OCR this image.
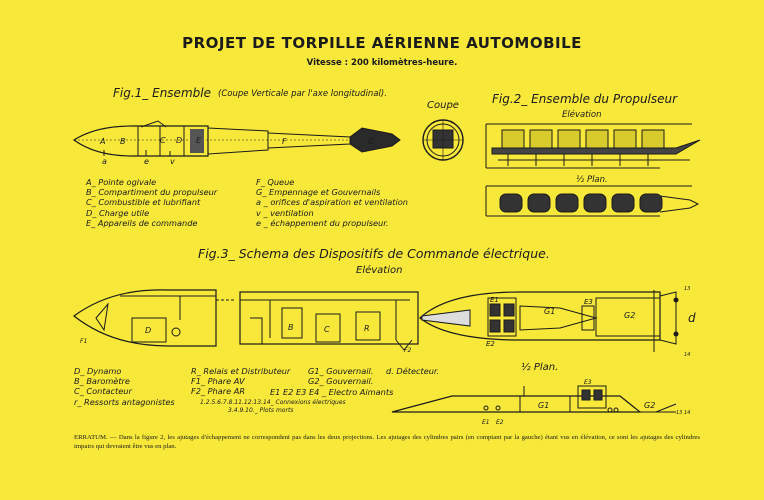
PROJET DE TORPILLE AÉRIENNE AUTOMOBILE
Vitesse : 200 kilomètres-heure.
Fig.1_ Ensemble (Coupe Verticale par l'axe longitudinal).
Coupe	Fig.2_ Ensemble du Propulseur
Elévation
½ Plan.
A_ Pointe ogivale
B_ Compartiment du propulseur
C_ Combustible et lubrifiant
D_ Charge utile
E_ Appareils de commande
F_ Queue
G_ Empennage et Gouvernails
a _ orifices d'aspiration et ventilation
v _ ventilation
e _ échappement du propulseur.
Fig.3_ Schema des Dispositifs de Commande électrique.
Elévation
½ Plan.
D_ Dynamo
B_ Baromètre
C_ Contacteur
r_ Ressorts antagonistes
R_ Relais et Distributeur
F1_ Phare AV
F2_ Phare AR
G1_ Gouvernail.
G2_ Gouvernail.
d. Détecteur.
E1 E2 E3 E4 _ Electro Aimants
1.2.5.6.7.8.11.12.13.14_ Connexions électriques
3.4.9.10._ Plots morts
ERRATUM. — Dans la figure 2, les ajutages d'échappement ne correspondent pas dans les deux projections. Les ajutages des cylindres pairs (en comptant par la gauche) étant vus en élévation, ce sont les ajutages des cylindres impairs qui devraient être vus en plan.
A B	C D E	F	G
a	e	v
D	B	C	R
F1
F2
E1
E2
E3
G1	G2	d
13
14
G1	G2
E3
E1 E2
13 14
